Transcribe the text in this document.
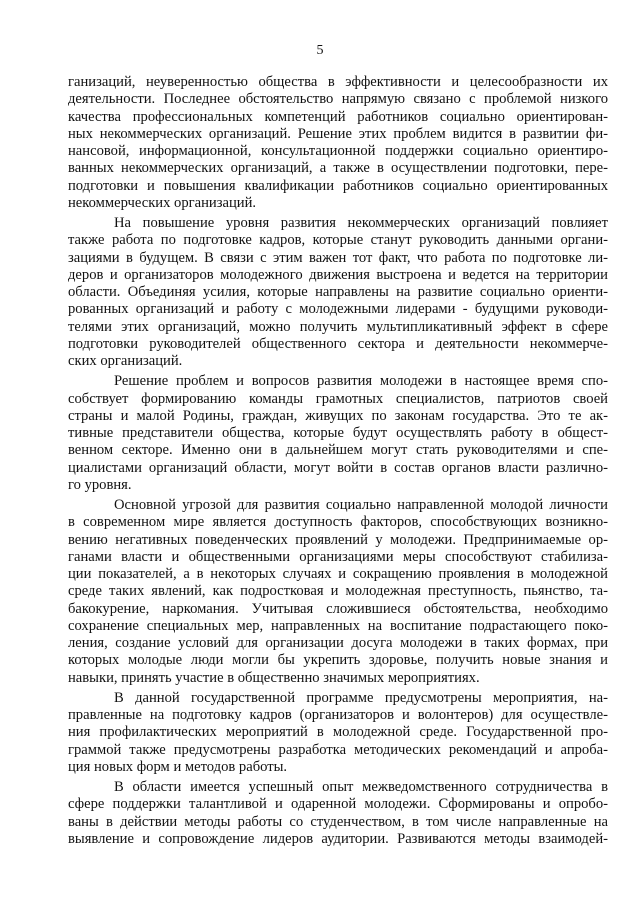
5
ганизаций, неуверенностью общества в эффективности и целесообразности их
деятельности. Последнее обстоятельство напрямую связано с проблемой низкого
качества профессиональных компетенций работников социально ориентирован-
ных некоммерческих организаций. Решение этих проблем видится в развитии фи-
нансовой, информационной, консультационной поддержки социально ориентиро-
ванных некоммерческих организаций, а также в осуществлении подготовки, пере-
подготовки и повышения квалификации работников социально ориентированных
некоммерческих организаций.
На повышение уровня развития некоммерческих организаций повлияет
также работа по подготовке кадров, которые станут руководить данными органи-
зациями в будущем. В связи с этим важен тот факт, что работа по подготовке ли-
деров и организаторов молодежного движения выстроена и ведется на территории
области. Объединяя усилия, которые направлены на развитие социально ориенти-
рованных организаций и работу с молодежными лидерами - будущими руководи-
телями этих организаций, можно получить мультипликативный эффект в сфере
подготовки руководителей общественного сектора и деятельности некоммерче-
ских организаций.
Решение проблем и вопросов развития молодежи в настоящее время спо-
собствует формированию команды грамотных специалистов, патриотов своей
страны и малой Родины, граждан, живущих по законам государства. Это те ак-
тивные представители общества, которые будут осуществлять работу в общест-
венном секторе. Именно они в дальнейшем могут стать руководителями и спе-
циалистами организаций области, могут войти в состав органов власти различно-
го уровня.
Основной угрозой для развития социально направленной молодой личности
в современном мире является доступность факторов, способствующих возникно-
вению негативных поведенческих проявлений у молодежи. Предпринимаемые ор-
ганами власти и общественными организациями меры способствуют стабилиза-
ции показателей, а в некоторых случаях и сокращению проявления в молодежной
среде таких явлений, как подростковая и молодежная преступность, пьянство, та-
бакокурение, наркомания. Учитывая сложившиеся обстоятельства, необходимо
сохранение специальных мер, направленных на воспитание подрастающего поко-
ления, создание условий для организации досуга молодежи в таких формах, при
которых молодые люди могли бы укрепить здоровье, получить новые знания и
навыки, принять участие в общественно значимых мероприятиях.
В данной государственной программе предусмотрены мероприятия, на-
правленные на подготовку кадров (организаторов и волонтеров) для осуществле-
ния профилактических мероприятий в молодежной среде. Государственной про-
граммой также предусмотрены разработка методических рекомендаций и апроба-
ция новых форм и методов работы.
В области имеется успешный опыт межведомственного сотрудничества в
сфере поддержки талантливой и одаренной молодежи. Сформированы и опробо-
ваны в действии методы работы со студенчеством, в том числе направленные на
выявление и сопровождение лидеров аудитории. Развиваются методы взаимодей-
